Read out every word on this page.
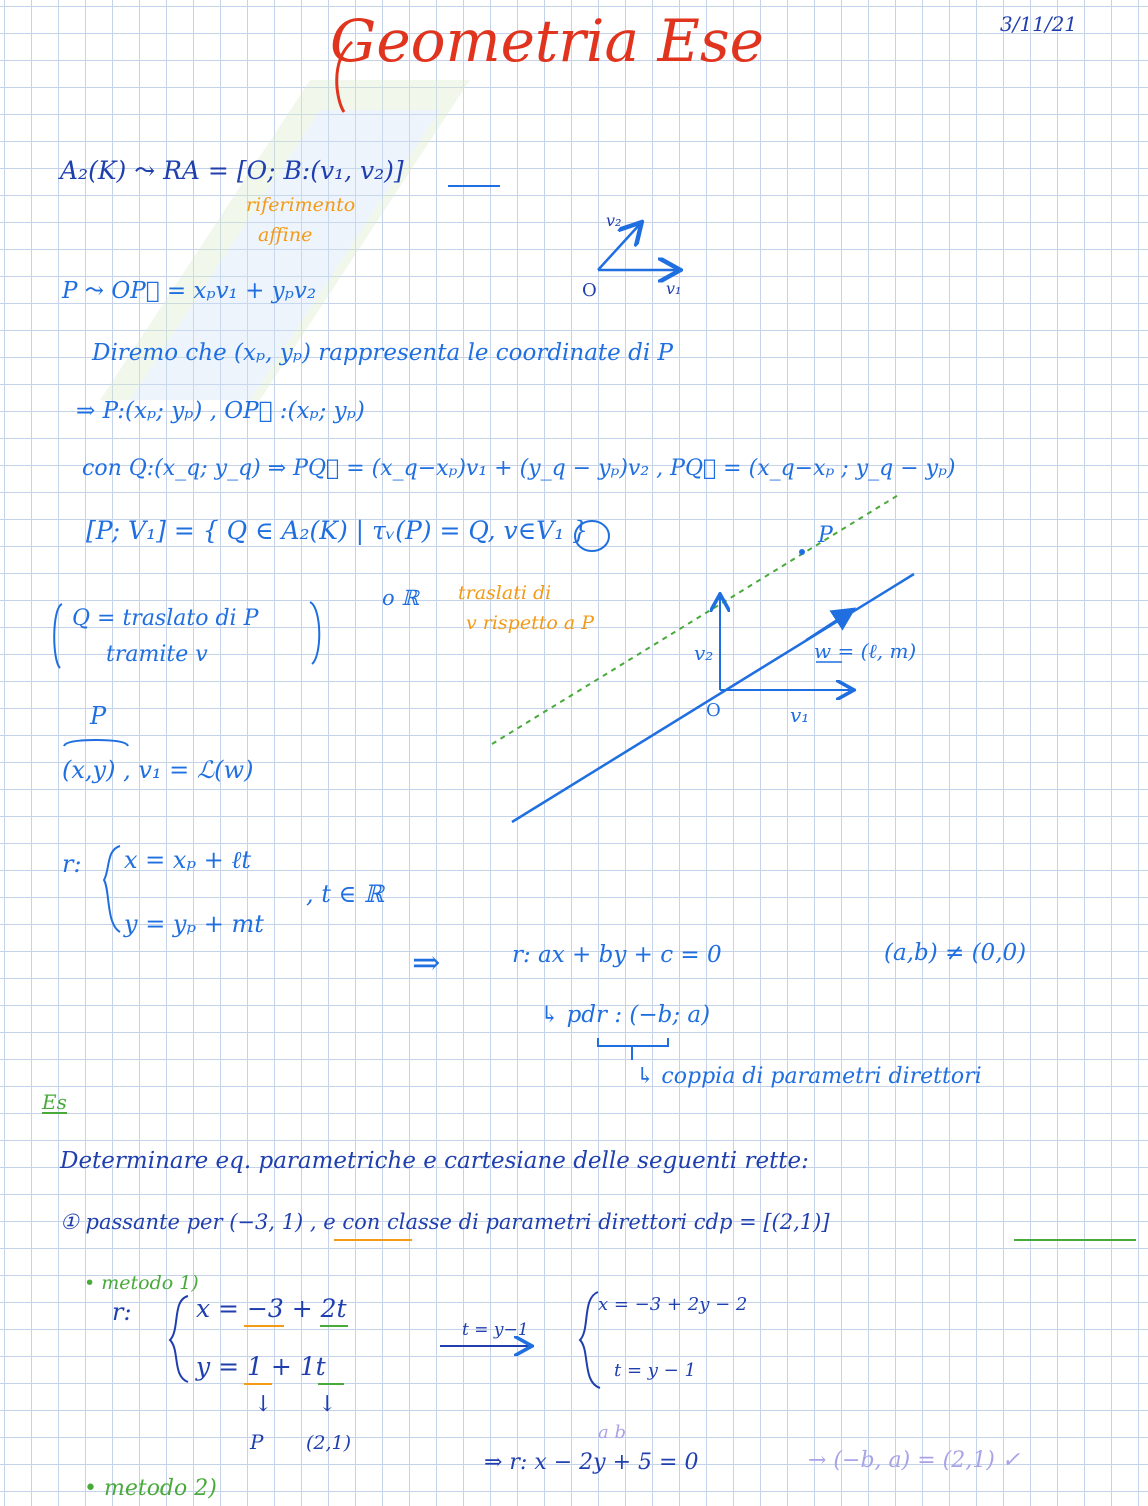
Geometria Ese	3/11/21
A₂(K) ⤳ RA = [O; B:(v₁, v₂)]
riferimento
affine
P ⤳ OP⃗ = xₚv₁ + yₚv₂
Diremo che (xₚ, yₚ) rappresenta le coordinate di P
⇒ P:(xₚ; yₚ) , OP⃗ :(xₚ; yₚ)
con Q:(x_q; y_q) ⇒ PQ⃗ = (x_q−xₚ)v₁ + (y_q − yₚ)v₂ , PQ⃗ = (x_q−xₚ ; y_q − yₚ)
[P; V₁] = { Q ∈ A₂(K) | τᵥ(P) = Q, v∈V₁ }
o ℝ traslati di
v rispetto a P
Q = traslato di P
tramite v
P
(x,y) , v₁ = ℒ(w)
r: x = xₚ + ℓt
y = yₚ + mt
, t ∈ ℝ
⇒	r: ax + by + c = 0	(a,b) ≠ (0,0)
↳ pdr : (−b; a)
↳ coppia di parametri direttori
Es
Determinare eq. parametriche e cartesiane delle seguenti rette:
① passante per (−3, 1) , e con classe di parametri direttori cdp = [(2,1)]
• metodo 1)
r:	x = −3 + 2t
y = 1 + 1t
t = y−1
x = −3 + 2y − 2
t = y − 1
↓ ↓
P (2,1)	a b
⇒ r: x − 2y + 5 = 0	→ (−b, a) = (2,1) ✓
• metodo 2)
v₁
v₂
O
P
v₁
v₂
O
w = (ℓ, m)
